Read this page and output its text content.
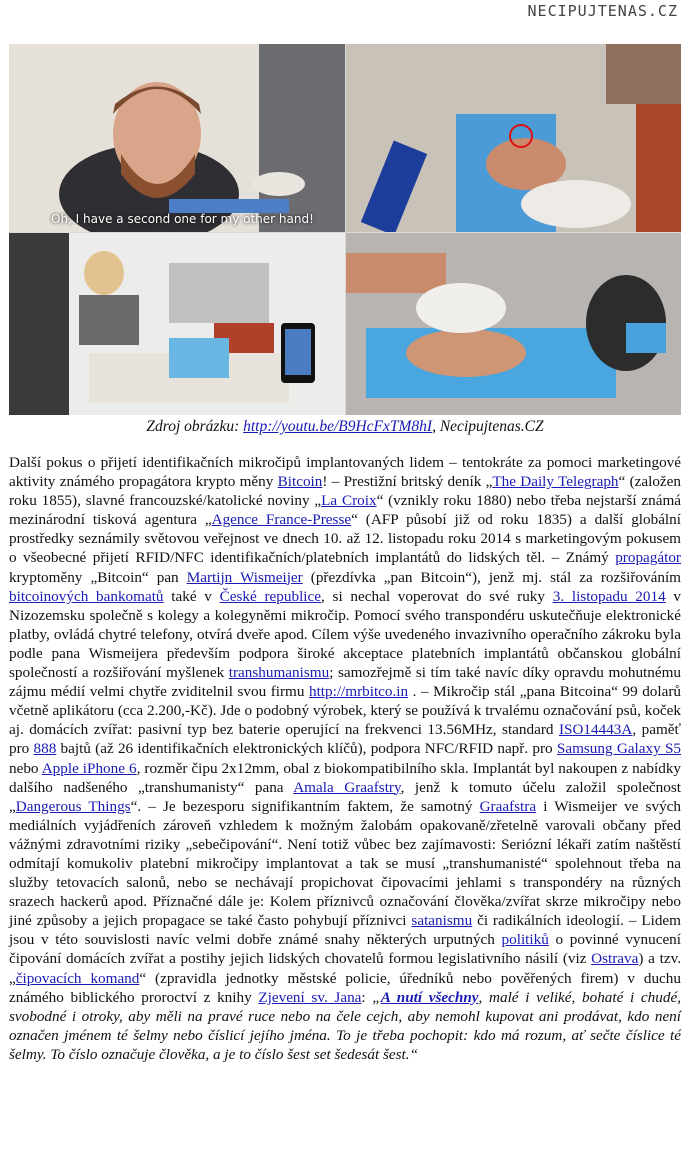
NECIPUJTENAS.CZ
Oh, I have a second one for my other hand!
Zdroj obrázku: http://youtu.be/B9HcFxTM8hI, Necipujtenas.CZ

Další pokus o přijetí identifikačních mikročipů implantovaných lidem – tentokráte za pomoci marketingové aktivity známého propagátora krypto měny Bitcoin! – Prestižní britský deník „The Daily Telegraph“ (založen roku 1855), slavné francouzské/katolické noviny „La Croix“ (vznikly roku 1880) nebo třeba nejstarší známá mezinárodní tisková agentura „Agence France-Presse“ (AFP působí již od roku 1835) a další globální prostředky seznámily světovou veřejnost ve dnech 10. až 12. listopadu roku 2014 s marketingovým pokusem o všeobecné přijetí RFID/NFC identifikačních/platebních implantátů do lidských těl. – Známý propagátor kryptoměny „Bitcoin“ pan Martijn Wismeijer (přezdívka „pan Bitcoin“), jenž mj. stál za rozšiřováním bitcoinových bankomatů také v České republice, si nechal voperovat do své ruky 3. listopadu 2014 v Nizozemsku společně s kolegy a kolegyněmi mikročip. Pomocí svého transpondéru uskutečňuje elektronické platby, ovládá chytré telefony, otvírá dveře apod. Cílem výše uvedeného invazivního operačního zákroku byla podle pana Wismeijera především podpora široké akceptace platebních implantátů občanskou globální společností a rozšiřování myšlenek transhumanismu; samozřejmě si tím také navíc díky opravdu mohutnému zájmu médií velmi chytře zviditelnil svou firmu http://mrbitco.in . – Mikročip stál „pana Bitcoina“ 99 dolarů včetně aplikátoru (cca 2.200,-Kč). Jde o podobný výrobek, který se používá k trvalému označování psů, koček aj. domácích zvířat: pasivní typ bez baterie operující na frekvenci 13.56MHz, standard ISO14443A, paměť pro 888 bajtů (až 26 identifikačních elektronických klíčů), podpora NFC/RFID např. pro Samsung Galaxy S5 nebo Apple iPhone 6, rozměr čipu 2x12mm, obal z biokompatibilního skla. Implantát byl nakoupen z nabídky dalšího nadšeného „transhumanisty“ pana Amala Graafstry, jenž k tomuto účelu založil společnost „Dangerous Things“. – Je bezesporu signifikantním faktem, že samotný Graafstra i Wismeijer ve svých mediálních vyjádřeních zároveň vzhledem k možným žalobám opakovaně/zřetelně varovali občany před vážnými zdravotními riziky „sebečipování“. Není totiž vůbec bez zajímavosti: Seriózní lékaři zatím naštěstí odmítají komukoliv platební mikročipy implantovat a tak se musí „transhumanisté“ spolehnout třeba na služby tetovacích salonů, nebo se nechávají propichovat čipovacími jehlami s transpondéry na různých srazech hackerů apod. Příznačné dále je: Kolem příznivců označování člověka/zvířat skrze mikročipy nebo jiné způsoby a jejich propagace se také často pohybují příznivci satanismu či radikálních ideologií. – Lidem jsou v této souvislosti navíc velmi dobře známé snahy některých urputných politiků o povinné vynucení čipování domácích zvířat a postihy jejich lidských chovatelů formou legislativního násilí (viz Ostrava) a tzv. „čipovacích komand“ (zpravidla jednotky městské policie, úředníků nebo pověřených firem) v duchu známého biblického proroctví z knihy Zjevení sv. Jana: „A nutí všechny, malé i veliké, bohaté i chudé, svobodné i otroky, aby měli na pravé ruce nebo na čele cejch, aby nemohl kupovat ani prodávat, kdo není označen jménem té šelmy nebo číslicí jejího jména. To je třeba pochopit: kdo má rozum, ať sečte číslice té šelmy. To číslo označuje člověka, a je to číslo šest set šedesát šest.“
